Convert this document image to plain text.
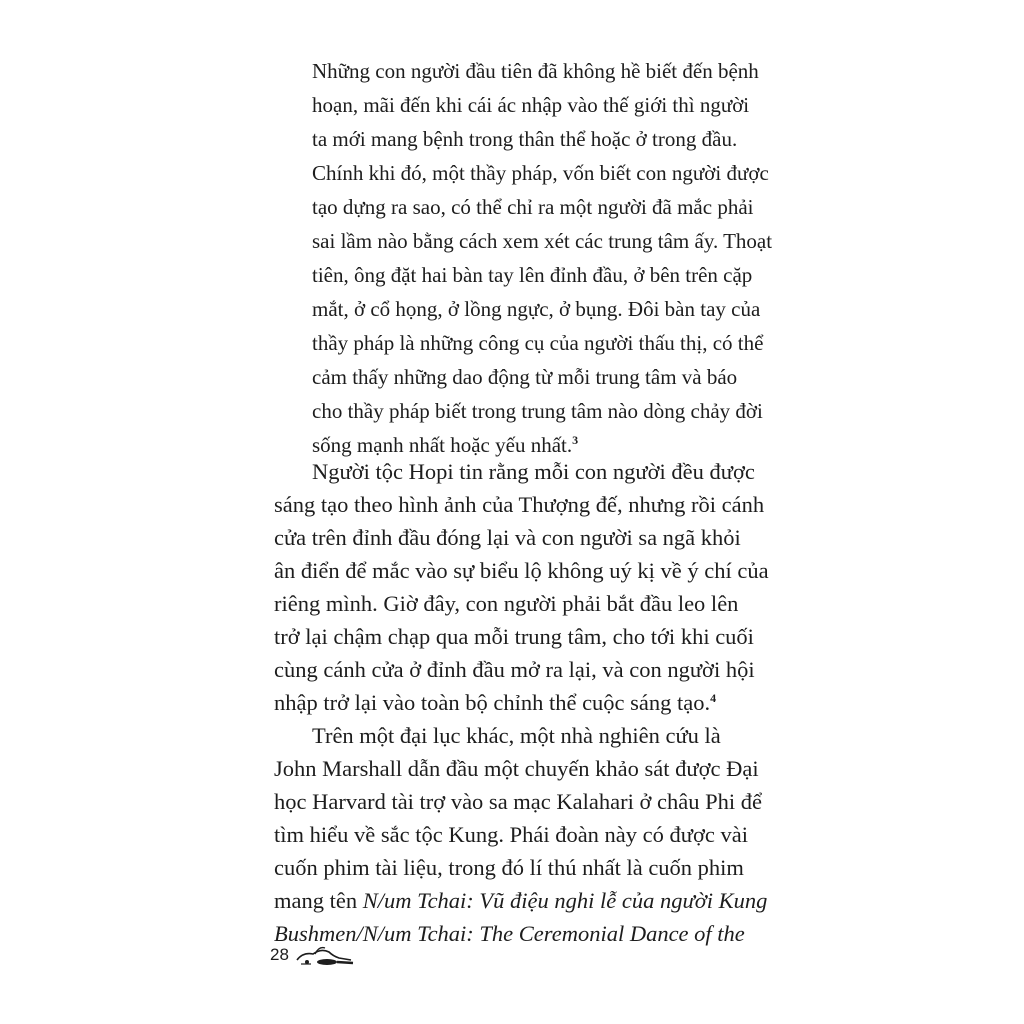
Những con người đầu tiên đã không hề biết đến bệnh
hoạn, mãi đến khi cái ác nhập vào thế giới thì người
ta mới mang bệnh trong thân thể hoặc ở trong đầu.
Chính khi đó, một thầy pháp, vốn biết con người được
tạo dựng ra sao, có thể chỉ ra một người đã mắc phải
sai lầm nào bằng cách xem xét các trung tâm ấy. Thoạt
tiên, ông đặt hai bàn tay lên đỉnh đầu, ở bên trên cặp
mắt, ở cổ họng, ở lồng ngực, ở bụng. Đôi bàn tay của
thầy pháp là những công cụ của người thấu thị, có thể
cảm thấy những dao động từ mỗi trung tâm và báo
cho thầy pháp biết trong trung tâm nào dòng chảy đời
sống mạnh nhất hoặc yếu nhất.$^3$
Người tộc Hopi tin rằng mỗi con người đều được
sáng tạo theo hình ảnh của Thượng đế, nhưng rồi cánh
cửa trên đỉnh đầu đóng lại và con người sa ngã khỏi
ân điển để mắc vào sự biểu lộ không uý kị về ý chí của
riêng mình. Giờ đây, con người phải bắt đầu leo lên
trở lại chậm chạp qua mỗi trung tâm, cho tới khi cuối
cùng cánh cửa ở đỉnh đầu mở ra lại, và con người hội
nhập trở lại vào toàn bộ chỉnh thể cuộc sáng tạo.$^4$
Trên một đại lục khác, một nhà nghiên cứu là
John Marshall dẫn đầu một chuyến khảo sát được Đại
học Harvard tài trợ vào sa mạc Kalahari ở châu Phi để
tìm hiểu về sắc tộc Kung. Phái đoàn này có được vài
cuốn phim tài liệu, trong đó lí thú nhất là cuốn phim
mang tên N/um Tchai: Vũ điệu nghi lễ của người Kung
Bushmen/N/um Tchai: The Ceremonial Dance of the
28
